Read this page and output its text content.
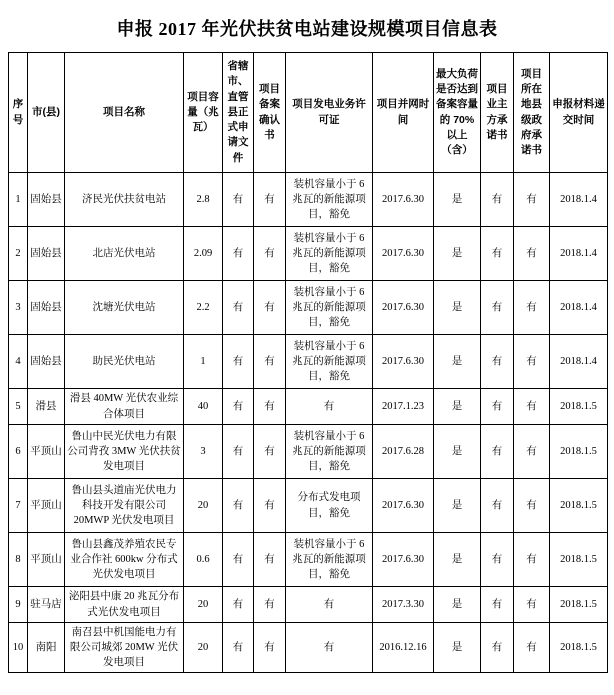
申报 2017 年光伏扶贫电站建设规模项目信息表
序号	市(县)	项目名称	项目容量（兆瓦）	省辖市、直管县正式申请文件	项目备案确认书	项目发电业务许可证	项目并网时间	最大负荷是否达到备案容量的 70% 以上（含）	项目业主方承诺书	项目所在地县级政府承诺书	申报材料递交时间
1	固始县	济民光伏扶贫电站	2.8	有	有	装机容量小于 6 兆瓦的新能源项目，豁免	2017.6.30	是	有	有	2018.1.4
2	固始县	北店光伏电站	2.09	有	有	装机容量小于 6 兆瓦的新能源项目，豁免	2017.6.30	是	有	有	2018.1.4
3	固始县	沈塘光伏电站	2.2	有	有	装机容量小于 6 兆瓦的新能源项目，豁免	2017.6.30	是	有	有	2018.1.4
4	固始县	助民光伏电站	1	有	有	装机容量小于 6 兆瓦的新能源项目，豁免	2017.6.30	是	有	有	2018.1.4
5	滑县	滑县 40MW 光伏农业综合体项目	40	有	有	有	2017.1.23	是	有	有	2018.1.5
6	平顶山	鲁山中民光伏电力有限公司背孜 3MW 光伏扶贫发电项目	3	有	有	装机容量小于 6 兆瓦的新能源项目，豁免	2017.6.28	是	有	有	2018.1.5
7	平顶山	鲁山县头道庙光伏电力科技开发有限公司 20MWP 光伏发电项目	20	有	有	分布式发电项目，豁免	2017.6.30	是	有	有	2018.1.5
8	平顶山	鲁山县鑫茂养殖农民专业合作社 600kw 分布式光伏发电项目	0.6	有	有	装机容量小于 6 兆瓦的新能源项目，豁免	2017.6.30	是	有	有	2018.1.5
9	驻马店	泌阳县中康 20 兆瓦分布式光伏发电项目	20	有	有	有	2017.3.30	是	有	有	2018.1.5
10	南阳	南召县中机国能电力有限公司城郊 20MW 光伏发电项目	20	有	有	有	2016.12.16	是	有	有	2018.1.5
